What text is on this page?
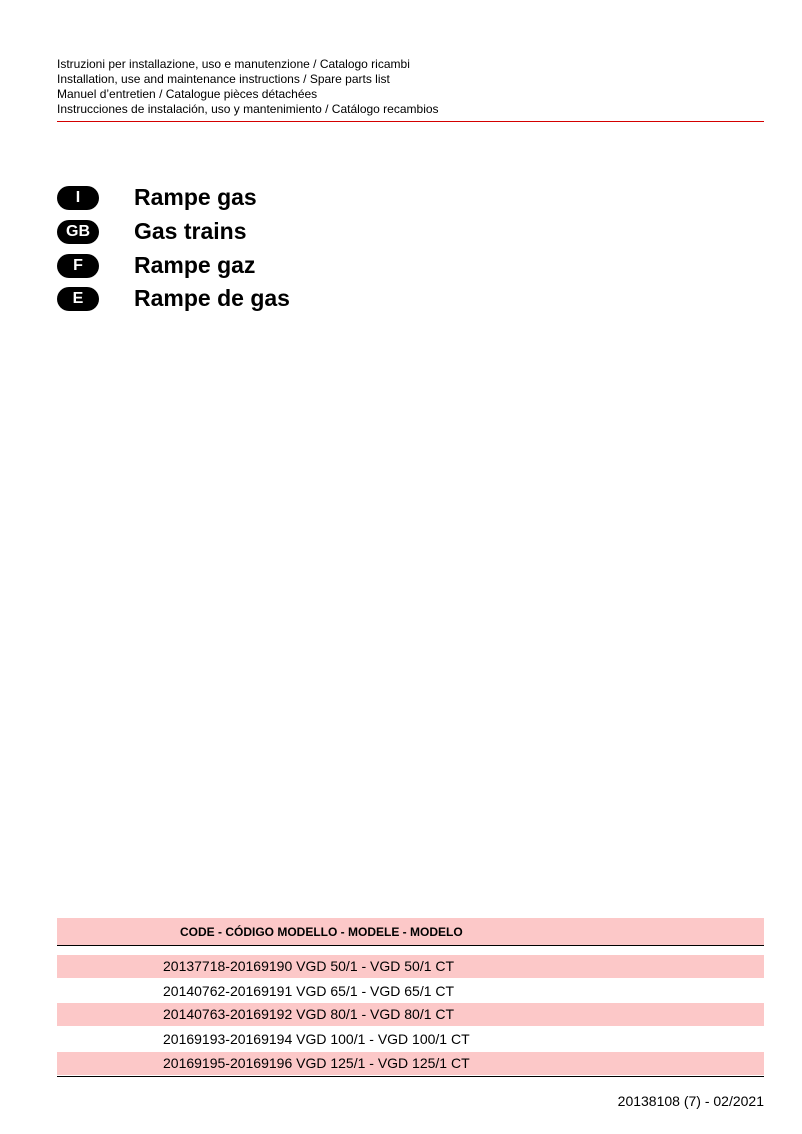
Istruzioni per installazione, uso e manutenzione / Catalogo ricambi
Installation, use and maintenance instructions / Spare parts list
Manuel d’entretien / Catalogue pièces détachées
Instrucciones de instalación, uso y mantenimiento / Catálogo recambios
I	Rampe gas
GB	Gas trains
F	Rampe gaz
E	Rampe de gas
CODE - CÓDIGO MODELLO - MODELE - MODELO
20137718-20169190 VGD 50/1 - VGD 50/1 CT
20140762-20169191 VGD 65/1 - VGD 65/1 CT
20140763-20169192 VGD 80/1 - VGD 80/1 CT
20169193-20169194 VGD 100/1 - VGD 100/1 CT
20169195-20169196 VGD 125/1 - VGD 125/1 CT
20138108 (7) - 02/2021
